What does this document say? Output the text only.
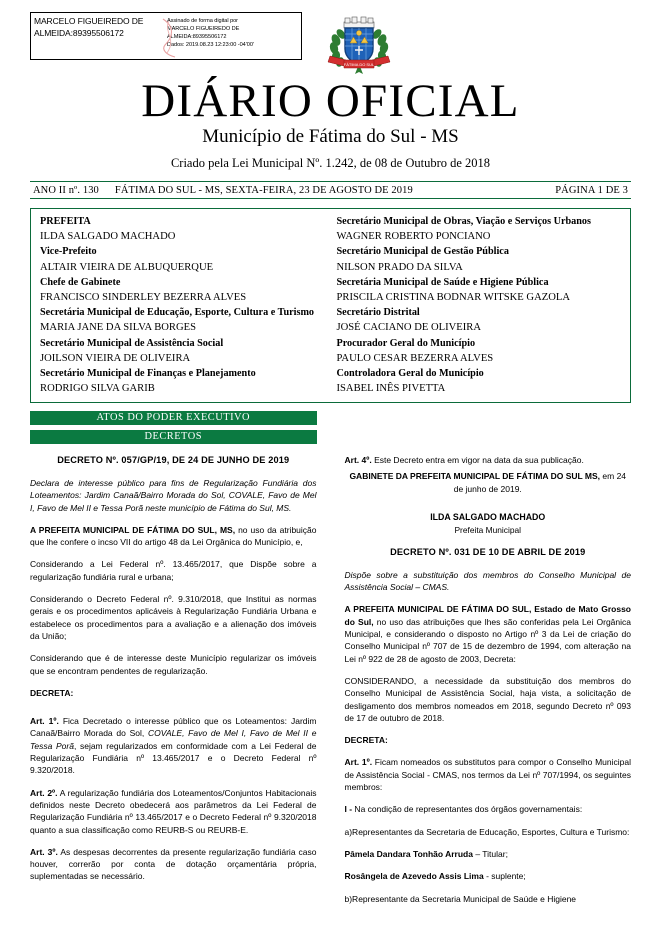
MARCELO FIGUEIREDO DE ALMEIDA:89395506172
Assinado de forma digital por
MARCELO FIGUEIREDO DE
ALMEIDA:89395506172
Dados: 2019.08.23 12:23:00 -04'00'
FÁTIMA DO SUL
DIÁRIO OFICIAL
Município de Fátima do Sul - MS
Criado pela Lei Municipal Nº. 1.242, de 08 de Outubro de 2018
ANO II nº. 130 FÁTIMA DO SUL - MS, SEXTA-FEIRA, 23 DE AGOSTO DE 2019	PÁGINA 1 DE 3
PREFEITA
ILDA SALGADO MACHADO
Vice-Prefeito
ALTAIR VIEIRA DE ALBUQUERQUE
Chefe de Gabinete
FRANCISCO SINDERLEY BEZERRA ALVES
Secretária Municipal de Educação, Esporte, Cultura e Turismo
MARIA JANE DA SILVA BORGES
Secretário Municipal de Assistência Social
JOILSON VIEIRA DE OLIVEIRA
Secretário Municipal de Finanças e Planejamento
RODRIGO SILVA GARIB
Secretário Municipal de Obras, Viação e Serviços Urbanos
WAGNER ROBERTO PONCIANO
Secretário Municipal de Gestão Pública
NILSON PRADO DA SILVA
Secretária Municipal de Saúde e Higiene Pública
PRISCILA CRISTINA BODNAR WITSKE GAZOLA
Secretário Distrital
JOSÉ CACIANO DE OLIVEIRA
Procurador Geral do Município
PAULO CESAR BEZERRA ALVES
Controladora Geral do Município
ISABEL INÊS PIVETTA
ATOS DO PODER EXECUTIVO
DECRETOS
DECRETO Nº. 057/GP/19, DE 24 DE JUNHO DE 2019
Declara de interesse público para fins de Regularização Fundiária dos Loteamentos: Jardim Canaã/Bairro Morada do Sol, COVALE, Favo de Mel I, Favo de Mel II e Tessa Porã neste município de Fátima do Sul, MS.
A PREFEITA MUNICIPAL DE FÁTIMA DO SUL, MS, no uso da atribuição que lhe confere o incso VII do artigo 48 da Lei Orgânica do Município, e,
Considerando a Lei Federal nº. 13.465/2017, que Dispõe sobre a regularização fundiária rural e urbana;
Considerando o Decreto Federal nº. 9.310/2018, que Institui as normas gerais e os procedimentos aplicáveis à Regularização Fundiária Urbana e estabelece os procedimentos para a avaliação e a alienação dos imóveis da União;
Considerando que é de interesse deste Município regularizar os imóveis que se encontram pendentes de regularização.
DECRETA:
Art. 1º. Fica Decretado o interesse público que os Loteamentos: Jardim Canaã/Bairro Morada do Sol, COVALE, Favo de Mel I, Favo de Mel II e Tessa Porã, sejam regularizados em conformidade com a Lei Federal de Regularização Fundiária nº 13.465/2017 e o Decreto Federal nº 9.320/2018.
Art. 2º. A regularização fundiária dos Loteamentos/Conjuntos Habitacionais definidos neste Decreto obedecerá aos parâmetros da Lei Federal de Regularização Fundiária nº 13.465/2017 e o Decreto Federal nº 9.320/2018 quanto a sua classificação como REURB-S ou REURB-E.
Art. 3º. As despesas decorrentes da presente regularização fundiária caso houver, correrão por conta de dotação orçamentária própria, suplementadas se necessário.
Art. 4º. Este Decreto entra em vigor na data da sua publicação.
GABINETE DA PREFEITA MUNICIPAL DE FÁTIMA DO SUL MS, em 24 de junho de 2019.
ILDA SALGADO MACHADO
Prefeita Municipal
DECRETO Nº. 031 DE 10 DE ABRIL DE 2019
Dispõe sobre a substituição dos membros do Conselho Municipal de Assistência Social – CMAS.
A PREFEITA MUNICIPAL DE FÁTIMA DO SUL, Estado de Mato Grosso do Sul, no uso das atribuições que lhes são conferidas pela Lei Orgânica Municipal, e considerando o disposto no Artigo nº 3 da Lei de criação do Conselho Municipal nº 707 de 15 de dezembro de 1994, com alteração na Lei nº 922 de 28 de agosto de 2003, Decreta:
CONSIDERANDO, a necessidade da substituição dos membros do Conselho Municipal de Assistência Social, haja vista, a solicitação de desligamento dos membros nomeados em 2018, segundo Decreto nº 093 de 17 de outubro de 2018.
DECRETA:
Art. 1º. Ficam nomeados os substitutos para compor o Conselho Municipal de Assistência Social - CMAS, nos termos da Lei nº 707/1994, os seguintes membros:
I - Na condição de representantes dos órgãos governamentais:
a)Representantes da Secretaria de Educação, Esportes, Cultura e Turismo:
Pâmela Dandara Tonhão Arruda – Titular;
Rosângela de Azevedo Assis Lima - suplente;
b)Representante da Secretaria Municipal de Saúde e Higiene
